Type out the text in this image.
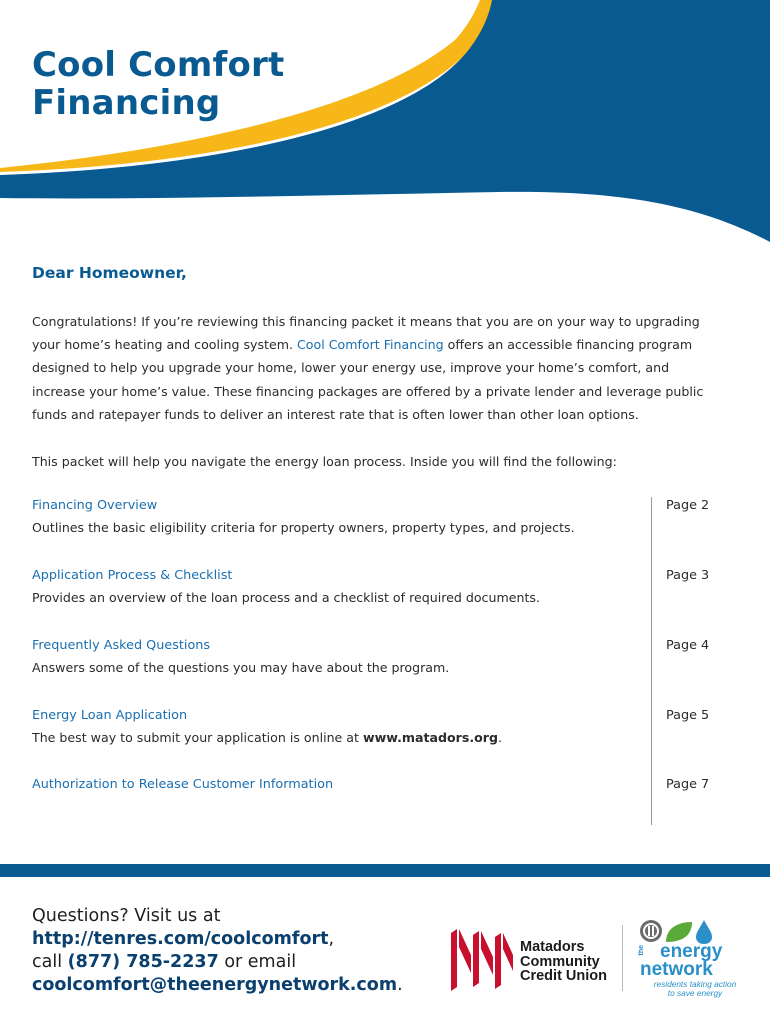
Cool Comfort
Financing
Dear Homeowner,

Congratulations! If you’re reviewing this financing packet it means that you are on your way to upgrading your home’s heating and cooling system. Cool Comfort Financing offers an accessible financing program designed to help you upgrade your home, lower your energy use, improve your home’s comfort, and increase your home’s value. These financing packages are offered by a private lender and leverage public funds and ratepayer funds to deliver an interest rate that is often lower than other loan options.

This packet will help you navigate the energy loan process. Inside you will find the following:

Financing Overview
Outlines the basic eligibility criteria for property owners, property types, and projects.
Page 2
Application Process & Checklist
Provides an overview of the loan process and a checklist of required documents.
Page 3
Frequently Asked Questions
Answers some of the questions you may have about the program.
Page 4
Energy Loan Application
The best way to submit your application is online at www.matadors.org.
Page 5
Authorization to Release Customer Information	Page 7
Questions? Visit us at
http://tenres.com/coolcomfort,
call (877) 785-2237 or email
coolcomfort@theenergynetwork.com.
Matadors
Community
Credit Union
the energy
network
residents taking action
to save energy
